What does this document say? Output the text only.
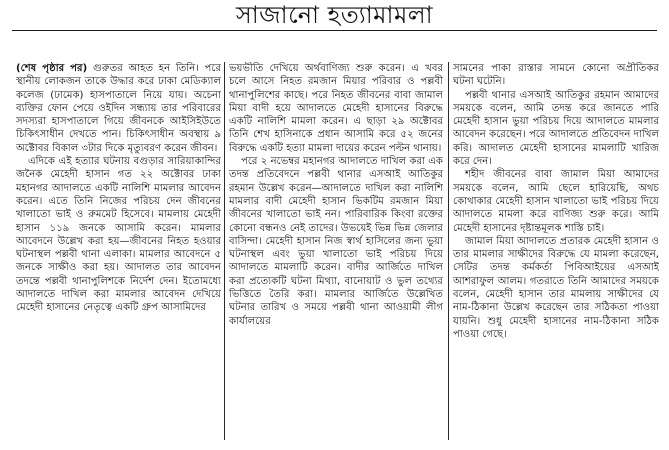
সাজানো হত্যামামলা

(শেষ পৃষ্ঠার পর) গুরুতর আহত হন তিনি। পরে স্থানীয় লোকজন তাকে উদ্ধার করে ঢাকা মেডিক্যাল কলেজ (ঢামেক) হাসপাতালে নিয়ে যায়। অচেনা ব্যক্তির ফোন পেয়ে ওইদিন সন্ধ্যায় তার পরিবারের সদস্যরা হাসপাতালে গিয়ে জীবনকে আইসিইউতে চিকিৎসাধীন দেখতে পান। চিকিৎসাধীন অবস্থায় ৯ অক্টোবর বিকাল ৩টার দিকে মৃত্যুবরণ করেন জীবন।

এদিকে এই হত্যার ঘটনায় বগুড়ার সারিয়াকান্দির জনৈক মেহেদী হাসান গত ২২ অক্টোবর ঢাকা মহানগর আদালতে একটি নালিশি মামলার আবেদন করেন। এতে তিনি নিজের পরিচয় দেন জীবনের খালাতো ভাই ও রুমমেট হিসেবে। মামলায় মেহেদী হাসান ১১৯ জনকে আসামি করেন। মামলার আবেদনে উল্লেখ করা হয়—জীবনের নিহত হওয়ার ঘটনাস্থল পল্লবী থানা এলাকা। মামলার আবেদনে ৫ জনকে সাক্ষীও করা হয়। আদালত তার আবেদন তদন্তে পল্লবী থানাপুলিশকে নির্দেশ দেন। ইতোমধ্যে আদালতে দাখিল করা মামলার আবেদন দেখিয়ে মেহেদী হাসানের নেতৃত্বে একটি গ্রুপ আসামিদের

ভয়ভীতি দেখিয়ে অর্থবাণিজ্য শুরু করেন। এ খবর চলে আসে নিহত রমজান মিয়ার পরিবার ও পল্লবী থানাপুলিশের কাছে। পরে নিহত জীবনের বাবা জামাল মিয়া বাদী হয়ে আদালতে মেহেদী হাসানের বিরুদ্ধে একটি নালিশি মামলা করেন। এ ছাড়া ২৯ অক্টোবর তিনি শেখ হাসিনাকে প্রধান আসামি করে ৫২ জনের বিরুদ্ধে একটি হত্যা মামলা দায়ের করেন পল্টন থানায়।

পরে ২ নভেম্বর মহানগর আদালতে দাখিল করা এক তদন্ত প্রতিবেদনে পল্লবী থানার এসআই আতিকুর রহমান উল্লেখ করেন—আদালতে দাখিল করা নালিশি মামলার বাদী মেহেদী হাসান ভিকটিম রমজান মিয়া জীবনের খালাতো ভাই নন। পারিবারিক কিংবা রক্তের কোনো বন্ধনও নেই তাদের। উভয়েই ভিন্ন ভিন্ন জেলার বাসিন্দা। মেহেদী হাসান নিজ স্বার্থ হাসিলের জন্য ভুয়া ঘটনাস্থল এবং ভুয়া খালাতো ভাই পরিচয় দিয়ে আদালতে মামলাটি করেন। বাদীর আর্জিতে দাখিল করা প্রত্যেকটি ঘটনা মিথ্যা, বানোয়াট ও ভুল তথ্যের ভিত্তিতে তৈরি করা। মামলার আর্জিতে উল্লেখিত ঘটনার তারিখ ও সময়ে পল্লবী থানা আওয়ামী লীগ কার্যালয়ের

সামনের পাকা রাস্তার সামনে কোনো অপ্রীতিকর ঘটনা ঘটেনি।

পল্লবী থানার এসআই আতিকুর রহমান আমাদের সময়কে বলেন, আমি তদন্ত করে জানতে পারি মেহেদী হাসান ভুয়া পরিচয় দিয়ে আদালতে মামলার আবেদন করেছেন। পরে আদালতে প্রতিবেদন দাখিল করি। আদালত মেহেদী হাসানের মামলাটি খারিজ করে দেন।

শহীদ জীবনের বাবা জামাল মিয়া আমাদের সময়কে বলেন, আমি ছেলে হারিয়েছি, অথচ কোথাকার মেহেদী হাসান খালাতো ভাই পরিচয় দিয়ে আদালতে মামলা করে বাণিজ্য শুরু করে। আমি মেহেদী হাসানের দৃষ্টান্তমূলক শাস্তি চাই।

জামাল মিয়া আদালতে প্রতারক মেহেদী হাসান ও তার মামলার সাক্ষীদের বিরুদ্ধে যে মামলা করেছেন, সেটির তদন্ত কর্মকর্তা পিবিআইয়ের এসআই আশরাফুল আলম। গতরাতে তিনি আমাদের সময়কে বলেন, মেহেদী হাসান তার মামলায় সাক্ষীদের যে নাম-ঠিকানা উল্লেখ করেছেন তার সঠিকতা পাওয়া যায়নি। শুধু মেহেদী হাসানের নাম-ঠিকানা সঠিক পাওয়া গেছে।
